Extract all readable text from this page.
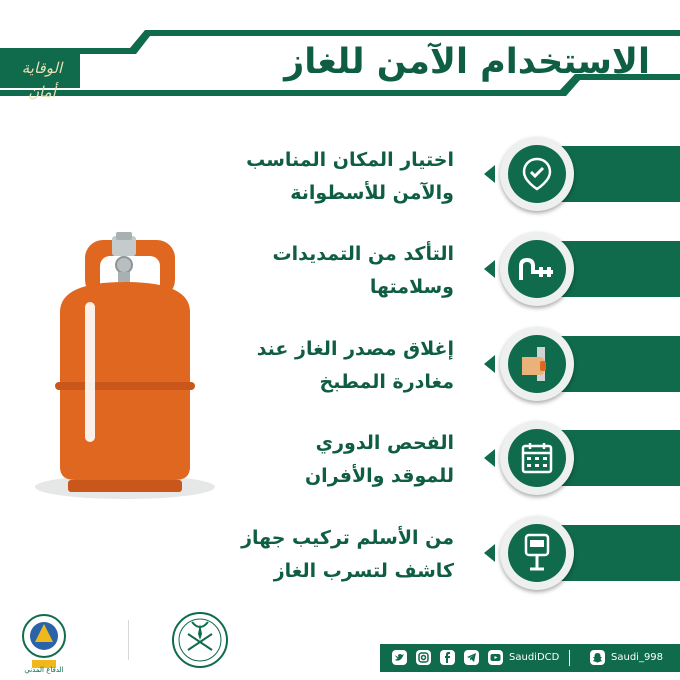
الاستخدام الآمن للغاز
الوقاية أمان
اختيار المكان المناسب
والآمن للأسطوانة
التأكد من التمديدات
وسلامتها
إغلاق مصدر الغاز عند
مغادرة المطبخ
الفحص الدوري
للموقد والأفران
من الأسلم تركيب جهاز
كاشف لتسرب الغاز
الدفاع المدني
SaudiDCD	Saudi_998
